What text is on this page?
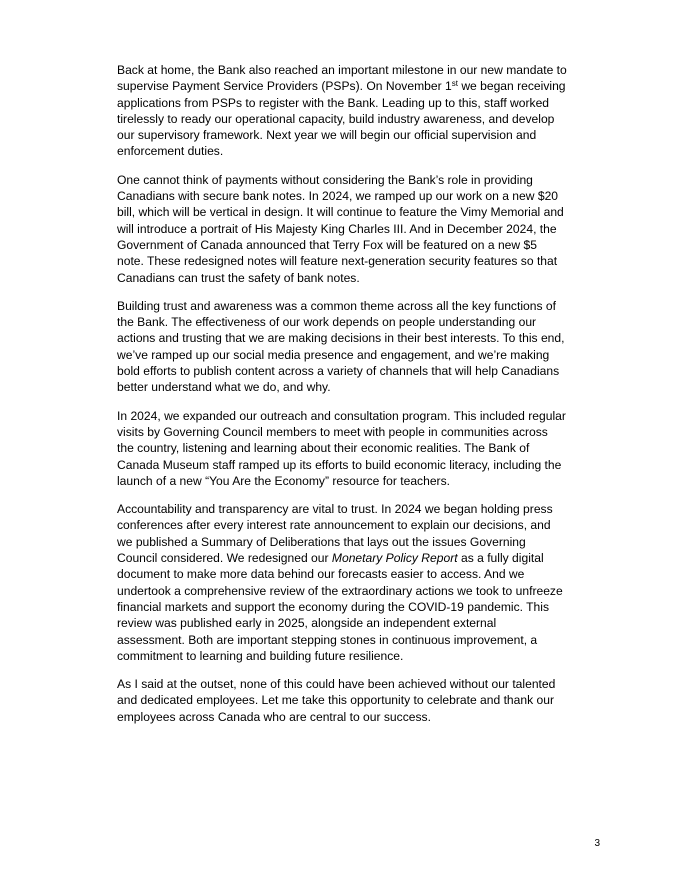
Back at home, the Bank also reached an important milestone in our new mandate to supervise Payment Service Providers (PSPs). On November 1st we began receiving applications from PSPs to register with the Bank. Leading up to this, staff worked tirelessly to ready our operational capacity, build industry awareness, and develop our supervisory framework. Next year we will begin our official supervision and enforcement duties.

One cannot think of payments without considering the Bank’s role in providing Canadians with secure bank notes. In 2024, we ramped up our work on a new $20 bill, which will be vertical in design. It will continue to feature the Vimy Memorial and will introduce a portrait of His Majesty King Charles III. And in December 2024, the Government of Canada announced that Terry Fox will be featured on a new $5 note. These redesigned notes will feature next-generation security features so that Canadians can trust the safety of bank notes.

Building trust and awareness was a common theme across all the key functions of the Bank. The effectiveness of our work depends on people understanding our actions and trusting that we are making decisions in their best interests. To this end, we’ve ramped up our social media presence and engagement, and we’re making bold efforts to publish content across a variety of channels that will help Canadians better understand what we do, and why.

In 2024, we expanded our outreach and consultation program. This included regular visits by Governing Council members to meet with people in communities across the country, listening and learning about their economic realities. The Bank of Canada Museum staff ramped up its efforts to build economic literacy, including the launch of a new “You Are the Economy” resource for teachers.

Accountability and transparency are vital to trust. In 2024 we began holding press conferences after every interest rate announcement to explain our decisions, and we published a Summary of Deliberations that lays out the issues Governing Council considered. We redesigned our Monetary Policy Report as a fully digital document to make more data behind our forecasts easier to access. And we undertook a comprehensive review of the extraordinary actions we took to unfreeze financial markets and support the economy during the COVID-19 pandemic. This review was published early in 2025, alongside an independent external assessment. Both are important stepping stones in continuous improvement, a commitment to learning and building future resilience.

As I said at the outset, none of this could have been achieved without our talented and dedicated employees. Let me take this opportunity to celebrate and thank our employees across Canada who are central to our success.

3
